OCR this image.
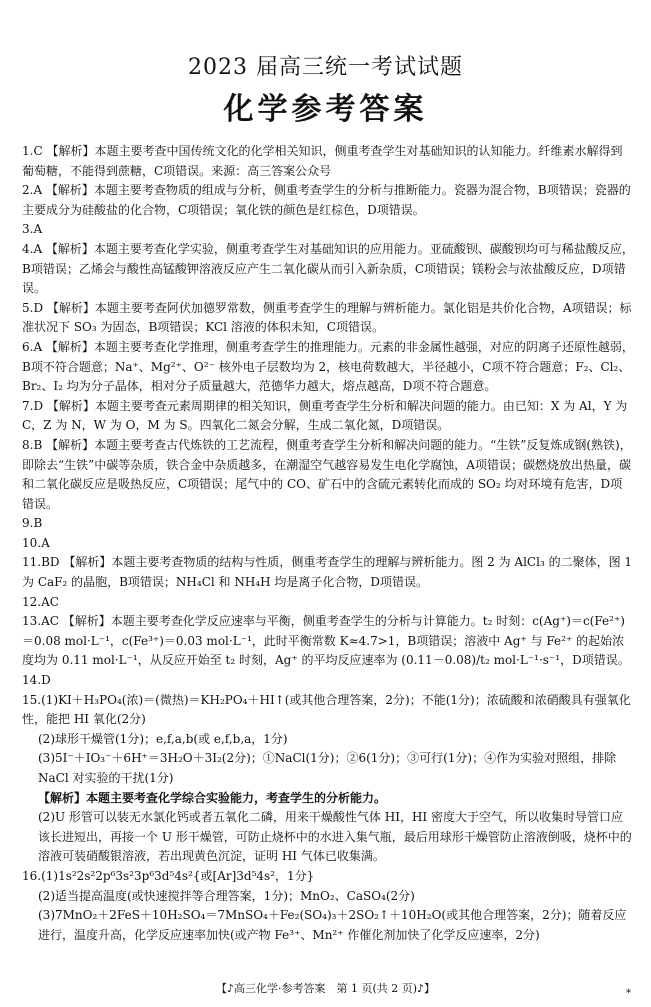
2023 届高三统一考试试题
化学参考答案

1.C 【解析】本题主要考查中国传统文化的化学相关知识，侧重考查学生对基础知识的认知能力。纤维素水解得到葡萄糖，不能得到蔗糖，C项错误。来源：高三答案公众号

2.A 【解析】本题主要考查物质的组成与分析，侧重考查学生的分析与推断能力。瓷器为混合物，B项错误；瓷器的主要成分为硅酸盐的化合物，C项错误；氧化铁的颜色是红棕色，D项错误。

3.A

4.A 【解析】本题主要考查化学实验，侧重考查学生对基础知识的应用能力。亚硫酸钡、碳酸钡均可与稀盐酸反应，B项错误；乙烯会与酸性高锰酸钾溶液反应产生二氧化碳从而引入新杂质，C项错误；镁粉会与浓盐酸反应，D项错误。

5.D 【解析】本题主要考查阿伏加德罗常数，侧重考查学生的理解与辨析能力。氯化铝是共价化合物，A项错误；标准状况下 SO₃ 为固态，B项错误；KCl 溶液的体积未知，C项错误。

6.A 【解析】本题主要考查化学推理，侧重考查学生的推理能力。元素的非金属性越强，对应的阴离子还原性越弱，B项不符合题意；Na⁺、Mg²⁺、O²⁻ 核外电子层数均为 2，核电荷数越大，半径越小，C项不符合题意；F₂、Cl₂、Br₂、I₂ 均为分子晶体，相对分子质量越大，范德华力越大，熔点越高，D项不符合题意。

7.D 【解析】本题主要考查元素周期律的相关知识，侧重考查学生分析和解决问题的能力。由已知：X 为 Al，Y 为 C，Z 为 N，W 为 O，M 为 S。四氧化二氮会分解，生成二氧化氮，D项错误。

8.B 【解析】本题主要考查古代炼铁的工艺流程，侧重考查学生分析和解决问题的能力。“生铁”反复炼成钢(熟铁)，即除去“生铁”中碳等杂质，铁合金中杂质越多，在潮湿空气越容易发生电化学腐蚀，A项错误；碳燃烧放出热量，碳和二氧化碳反应是吸热反应，C项错误；尾气中的 CO、矿石中的含硫元素转化而成的 SO₂ 均对环境有危害，D项错误。

9.B

10.A

11.BD 【解析】本题主要考查物质的结构与性质，侧重考查学生的理解与辨析能力。图 2 为 AlCl₃ 的二聚体，图 1 为 CaF₂ 的晶胞，B项错误；NH₄Cl 和 NH₄H 均是离子化合物，D项错误。

12.AC

13.AC 【解析】本题主要考查化学反应速率与平衡，侧重考查学生的分析与计算能力。t₂ 时刻：c(Ag⁺)＝c(Fe²⁺)＝0.08 mol·L⁻¹，c(Fe³⁺)＝0.03 mol·L⁻¹，此时平衡常数 K≈4.7>1，B项错误；溶液中 Ag⁺ 与 Fe²⁺ 的起始浓度均为 0.11 mol·L⁻¹，从反应开始至 t₂ 时刻，Ag⁺ 的平均反应速率为 (0.11－0.08)/t₂ mol·L⁻¹·s⁻¹，D项错误。

14.D

15.(1)KI＋H₃PO₄(浓)＝(微热)＝KH₂PO₄＋HI↑(或其他合理答案，2分)；不能(1分)；浓硫酸和浓硝酸具有强氧化性，能把 HI 氧化(2分)

(2)球形干燥管(1分)；e,f,a,b(或 e,f,b,a，1分)

(3)5I⁻＋IO₃⁻＋6H⁺＝3H₂O＋3I₂(2分)；①NaCl(1分)；②6(1分)；③可行(1分)；④作为实验对照组，排除 NaCl 对实验的干扰(1分)

【解析】本题主要考查化学综合实验能力，考查学生的分析能力。

(2)U 形管可以装无水氯化钙或者五氧化二磷，用来干燥酸性气体 HI，HI 密度大于空气，所以收集时导管口应该长进短出，再接一个 U 形干燥管，可防止烧杯中的水进入集气瓶，最后用球形干燥管防止溶液倒吸，烧杯中的溶液可装硝酸银溶液，若出现黄色沉淀，证明 HI 气体已收集满。

16.(1)1s²2s²2p⁶3s²3p⁶3d⁵4s²{或[Ar]3d⁵4s²，1分}

(2)适当提高温度(或快速搅拌等合理答案，1分)；MnO₂、CaSO₄(2分)

(3)7MnO₂＋2FeS＋10H₂SO₄＝7MnSO₄＋Fe₂(SO₄)₃＋2SO₂↑＋10H₂O(或其他合理答案，2分)；随着反应进行，温度升高，化学反应速率加快(或产物 Fe³⁺、Mn²⁺ 作催化剂加快了化学反应速率，2分)

【♪高三化学·参考答案　第 1 页(共 2 页)♪】	*
